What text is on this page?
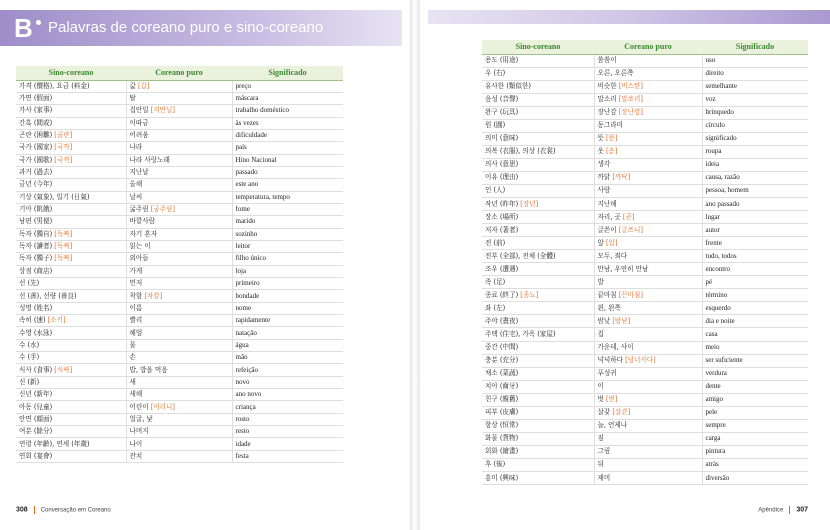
B Palavras de coreano puro e sino-coreano
Sino-coreano	Coreano puro	Significado
가격 (價格), 요금 (料金)	값 [갑]	preço
가면 (假面)	탈	máscara
가사 (家事)	집안일 [지반닐]	trabalho doméstico
간혹 (間或)	이따금	às vezes
곤란 (困難) [골란]	어려움	dificuldade
국가 (國家) [국까]	나라	país
국가 (國歌) [국까]	나라 사랑노래	Hino Nacional
과거 (過去)	지난날	passado
금년 (今年)	올해	este ano
기상 (氣象), 일기 (日氣)	날씨	temperatura, tempo
기아 (飢餓)	굶주림 [굼주림]	fome
남편 (男便)	바깥사람	marido
독자 (獨自) [독짜]	자기 혼자	sozinho
독자 (讀者) [독짜]	읽는 이	leitor
독자 (獨子) [독짜]	외아들	filho único
상점 (商店)	가게	loja
선 (先)	먼저	primeiro
선 (善), 선량 (善良)	착함 [차캄]	bondade
성명 (姓名)	이름	nome
속히 (速) [소키]	빨리	rapidamente
수영 (水泳)	헤엄	natação
수 (水)	물	água
수 (手)	손	mão
식사 (食事) [식싸]	밥, 밥을 먹음	refeição
신 (新)	새	novo
신년 (新年)	새해	ano novo
아동 (兒童)	어린이 [어리니]	criança
안면 (顔面)	얼굴, 낯	rosto
여분 (餘分)	나머지	resto
연령 (年齡), 연세 (年歲)	나이	idade
연회 (宴會)	잔치	festa
308 Conversação em Coreano
Sino-coreano	Coreano puro	Significado
용도 (用途)	씀씀이	uso
우 (右)	오른, 오른쪽	direito
유사한 (類似한)	비슷한 [비스탄]	semelhante
음성 (音聲)	말소리 [말쏘리]	voz
완구 (玩具)	장난감 [장난깜]	brinquedo
원 (圓)	동그라미	círculo
의미 (意味)	뜻 [뜯]	significado
의복 (衣服), 의상 (衣裳)	옷 [옫]	roupa
의사 (意思)	생각	ideia
이유 (理由)	까닭 [까닥]	causa, razão
인 (人)	사람	pessoa, homem
작년 (昨年) [장년]	지난해	ano passado
장소 (場所)	자리, 곳 [곧]	lugar
저자 (著者)	글쓴이 [글쓰니]	autor
전 (前)	앞 [압]	frente
전부 (全部), 전체 (全體)	모두, 죄다	tudo, todos
조우 (遭遇)	만남, 우연히 만남	encontro
족 (足)	발	pé
종료 (終了) [종뇨]	끝마침 [끈마침]	término
좌 (左)	왼, 왼쪽	esquerdo
주야 (晝夜)	밤낮 [밤낟]	dia e noite
주택 (住宅), 가옥 (家屋)	집	casa
중간 (中間)	가운데, 사이	meio
충분 (充分)	넉넉하다 [넝너카다]	ser suficiente
채소 (菜蔬)	푸성귀	verdura
치아 (齒牙)	이	dente
친구 (親舊)	벗 [벋]	amigo
피부 (皮膚)	살갗 [살갇]	pele
항상 (恒常)	늘, 언제나	sempre
화물 (貨物)	짐	carga
회화 (繪畫)	그림	pintura
후 (後)	뒤	atrás
흥미 (興味)	재미	diversão
Apêndice 307
